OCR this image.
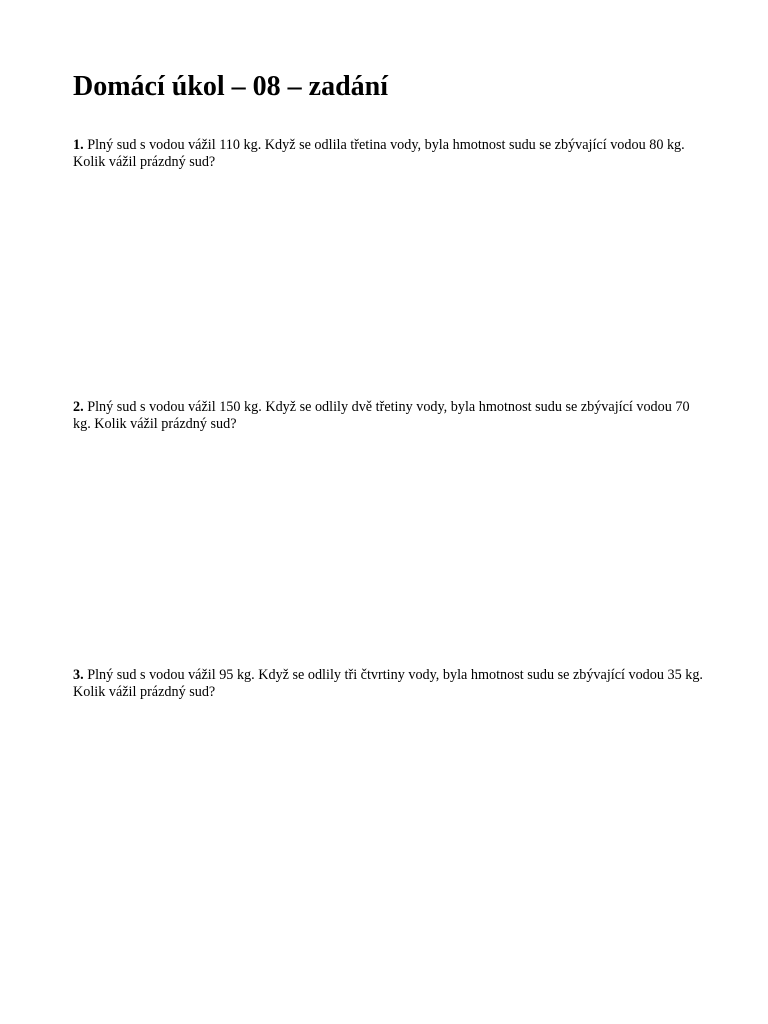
Domácí úkol – 08 – zadání

1. Plný sud s vodou vážil 110 kg. Když se odlila třetina vody, byla hmotnost sudu se zbývající vodou 80 kg. Kolik vážil prázdný sud?

2. Plný sud s vodou vážil 150 kg. Když se odlily dvě třetiny vody, byla hmotnost sudu se zbývající vodou 70 kg. Kolik vážil prázdný sud?

3. Plný sud s vodou vážil 95 kg. Když se odlily tři čtvrtiny vody, byla hmotnost sudu se zbývající vodou 35 kg. Kolik vážil prázdný sud?
